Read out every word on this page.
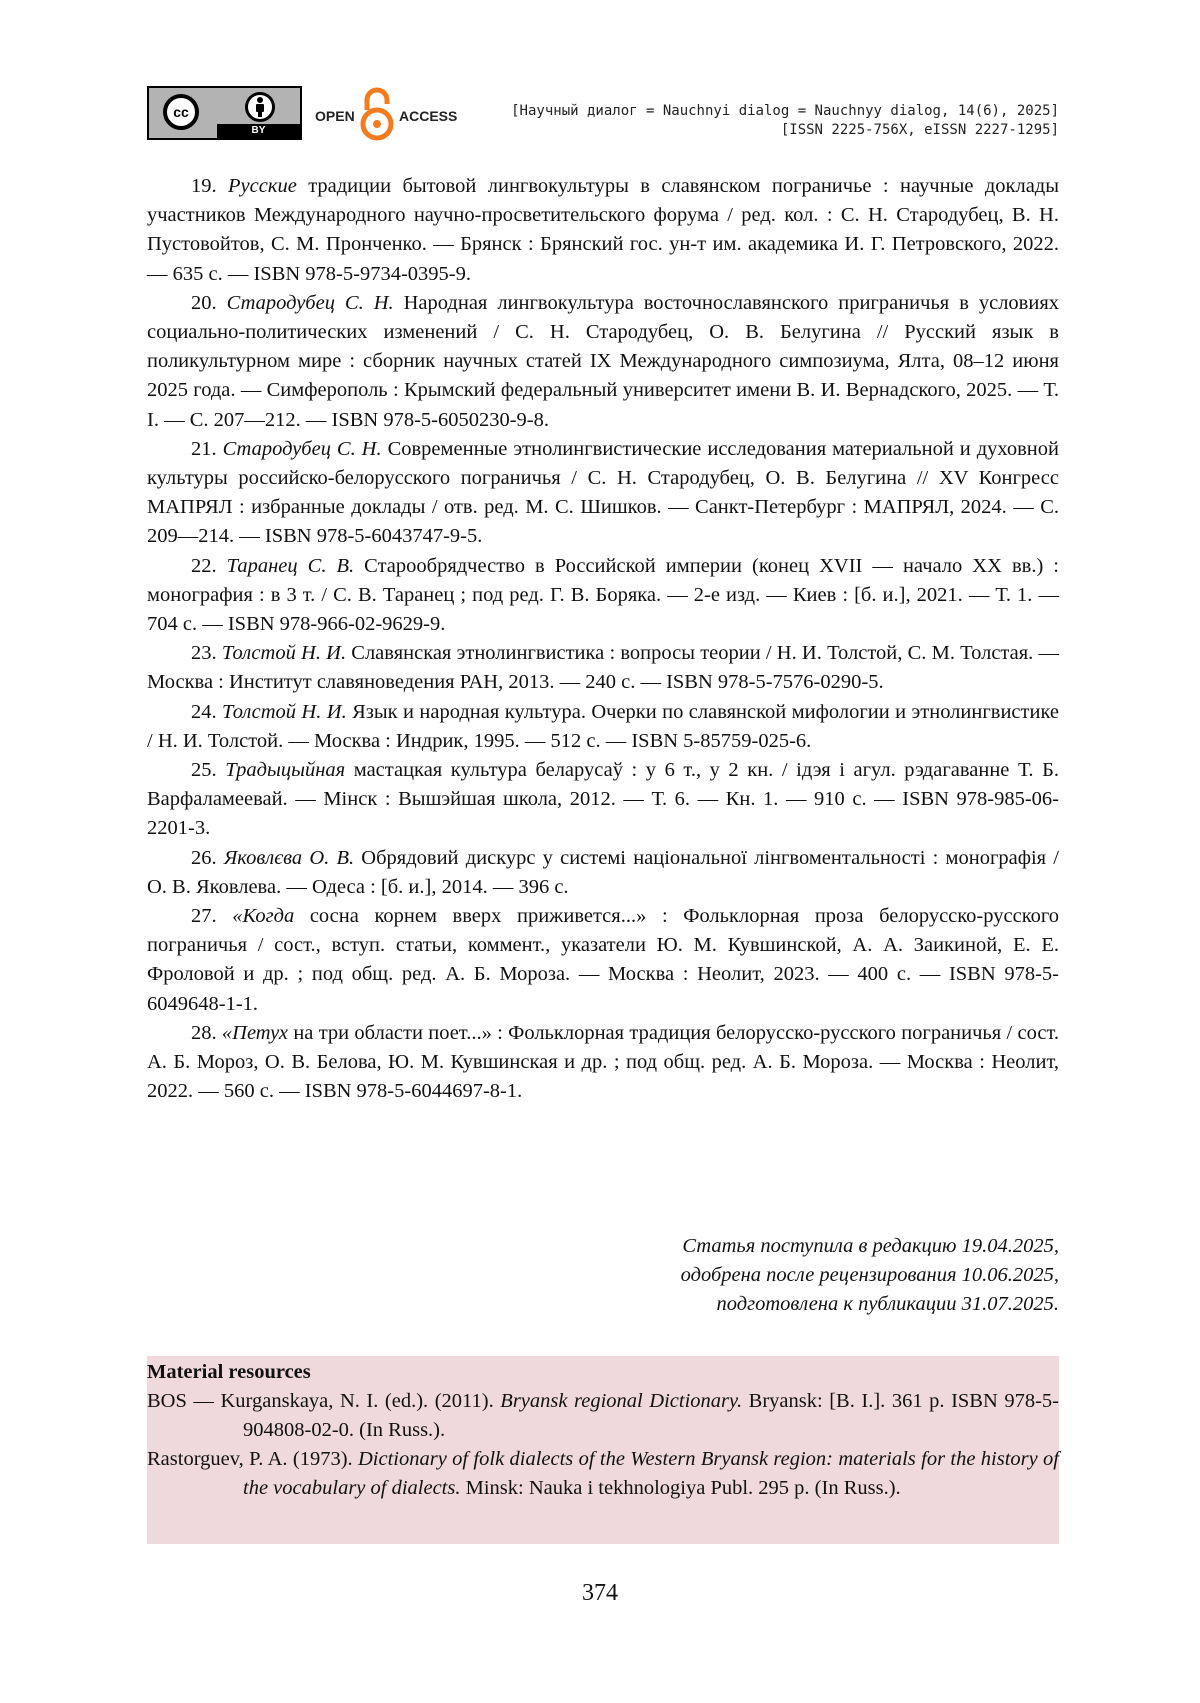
cc
BY
OPEN	ACCESS	[Научный диалог = Nauchnyi dialog = Nauchnyy dialog, 14(6), 2025]
[ISSN 2225-756X, eISSN 2227-1295]

19. Русские традиции бытовой лингвокультуры в славянском пограничье : научные доклады участников Международного научно-просветительского форума / ред. кол. : С. Н. Стародубец, В. Н. Пустовойтов, С. М. Пронченко. — Брянск : Брянский гос. ун-т им. академика И. Г. Петровского, 2022. — 635 с. — ISBN 978-5-9734-0395-9.

20. Стародубец С. Н. Народная лингвокультура восточнославянского приграничья в условиях социально-политических изменений / С. Н. Стародубец, О. В. Белугина // Русский язык в поликультурном мире : сборник научных статей IX Международного симпозиума, Ялта, 08–12 июня 2025 года. — Симферополь : Крымский федеральный университет имени В. И. Вернадского, 2025. — Т. I. — С. 207—212. — ISBN 978-5-6050230-9-8.

21. Стародубец С. Н. Современные этнолингвистические исследования материальной и духовной культуры российско-белорусского пограничья / С. Н. Стародубец, О. В. Белугина // XV Конгресс МАПРЯЛ : избранные доклады / отв. ред. М. С. Шишков. — Санкт-Петербург : МАПРЯЛ, 2024. — С. 209—214. — ISBN 978-5-6043747-9-5.

22. Таранец С. В. Старообрядчество в Российской империи (конец XVII — начало XX вв.) : монография : в 3 т. / С. В. Таранец ; под ред. Г. В. Боряка. — 2-е изд. — Киев : [б. и.], 2021. — Т. 1. — 704 с. — ISBN 978-966-02-9629-9.

23. Толстой Н. И. Славянская этнолингвистика : вопросы теории / Н. И. Толстой, С. М. Толстая. — Москва : Институт славяноведения РАН, 2013. — 240 с. — ISBN 978-5-7576-0290-5.

24. Толстой Н. И. Язык и народная культура. Очерки по славянской мифологии и этнолингвистике / Н. И. Толстой. — Москва : Индрик, 1995. — 512 с. — ISBN 5-85759-025-6.

25. Традыцыйная мастацкая культура беларусаў : у 6 т., у 2 кн. / ідэя і агул. рэдагаванне Т. Б. Варфаламеевай. — Мінск : Вышэйшая школа, 2012. — Т. 6. — Кн. 1. — 910 с. — ISBN 978-985-06-2201-3.

26. Яковлєва О. В. Обрядовий дискурс у системі національної лінгвоментальності : монографія / О. В. Яковлева. — Одеса : [б. и.], 2014. — 396 с.

27. «Когда сосна корнем вверх приживется...» : Фольклорная проза белорусско-русского пограничья / сост., вступ. статьи, коммент., указатели Ю. М. Кувшинской, А. А. Заикиной, Е. Е. Фроловой и др. ; под общ. ред. А. Б. Мороза. — Москва : Неолит, 2023. — 400 с. — ISBN 978-5-6049648-1-1.

28. «Петух на три области поет...» : Фольклорная традиция белорусско-русского пограничья / сост. А. Б. Мороз, О. В. Белова, Ю. М. Кувшинская и др. ; под общ. ред. А. Б. Мороза. — Москва : Неолит, 2022. — 560 с. — ISBN 978-5-6044697-8-1.

Статья поступила в редакцию 19.04.2025,
одобрена после рецензирования 10.06.2025,
подготовлена к публикации 31.07.2025.
Material resources

BOS — Kurganskaya, N. I. (ed.). (2011). Bryansk regional Dictionary. Bryansk: [B. I.]. 361 p. ISBN 978-5-904808-02-0. (In Russ.).

Rastorguev, P. A. (1973). Dictionary of folk dialects of the Western Bryansk region: materials for the history of the vocabulary of dialects. Minsk: Nauka i tekhnologiya Publ. 295 p. (In Russ.).

374
